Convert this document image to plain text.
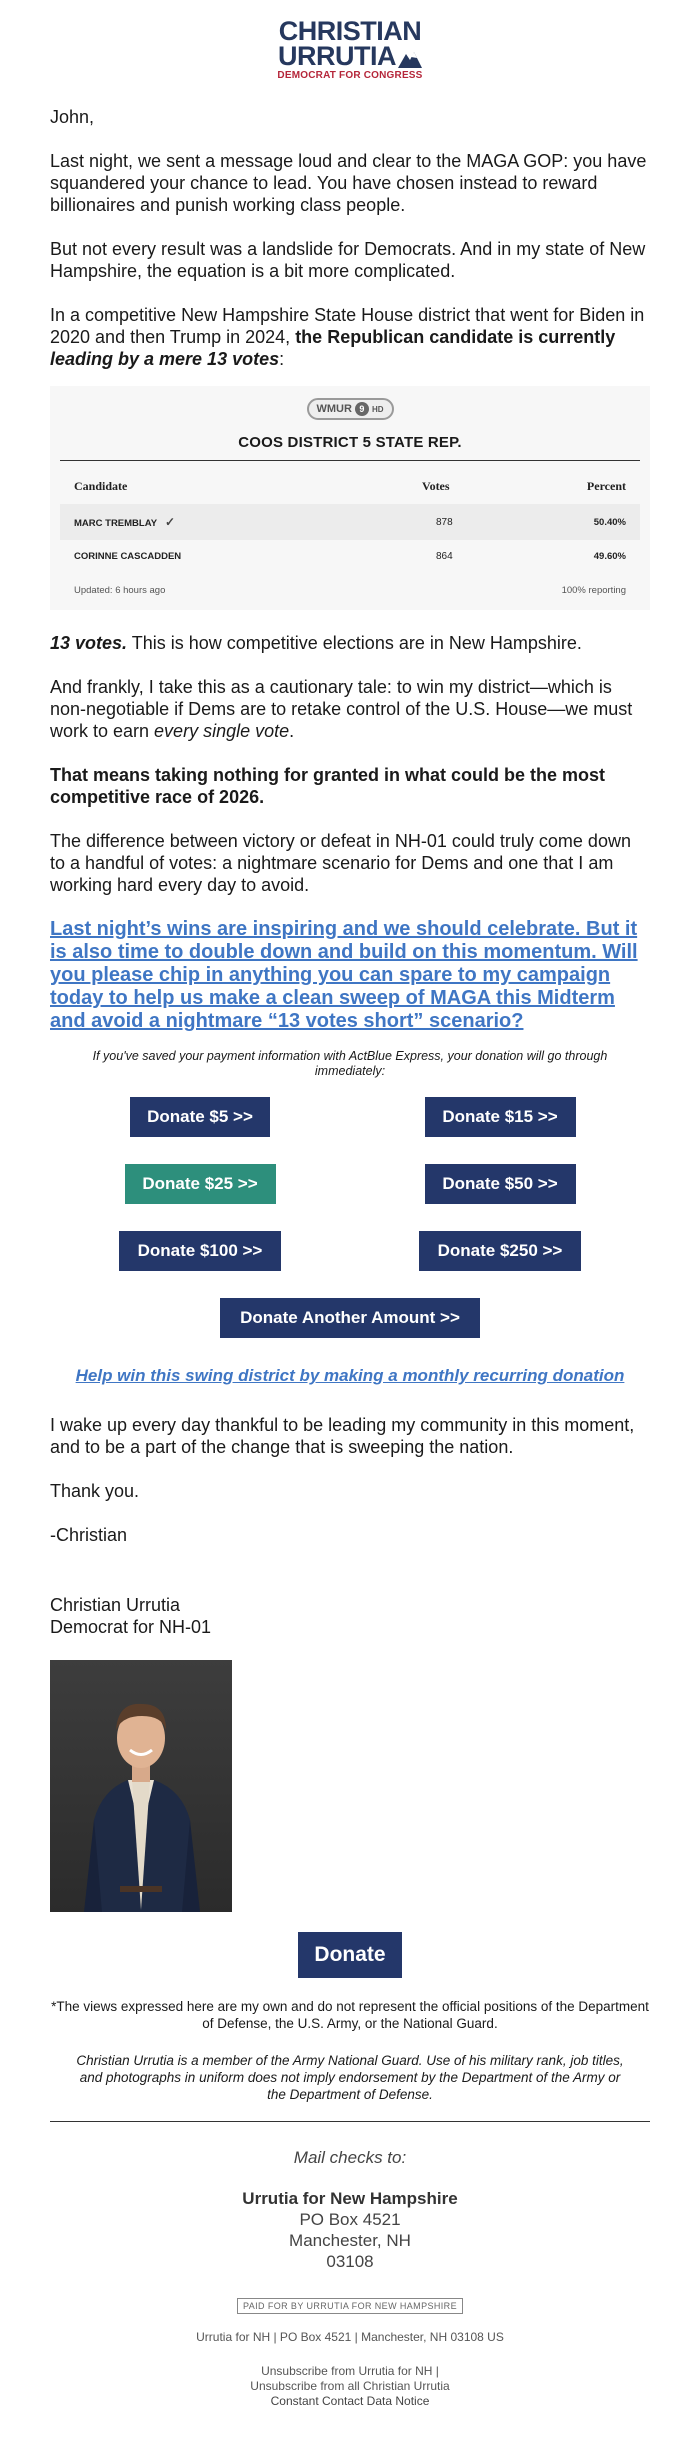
CHRISTIAN
URRUTIA
DEMOCRAT FOR CONGRESS

John,

Last night, we sent a message loud and clear to the MAGA GOP: you have squandered your chance to lead. You have chosen instead to reward billionaires and punish working class people.

But not every result was a landslide for Democrats. And in my state of New Hampshire, the equation is a bit more complicated.

In a competitive New Hampshire State House district that went for Biden in 2020 and then Trump in 2024, the Republican candidate is currently leading by a mere 13 votes:

WMUR 9 HD
COOS DISTRICT 5 STATE REP.
Candidate	Votes	Percent
MARC TREMBLAY ✓	878	50.40%
CORINNE CASCADDEN	864	49.60%
Updated: 6 hours ago	100% reporting

13 votes. This is how competitive elections are in New Hampshire.

And frankly, I take this as a cautionary tale: to win my district—which is non-negotiable if Dems are to retake control of the U.S. House—we must work to earn every single vote.

That means taking nothing for granted in what could be the most competitive race of 2026.

The difference between victory or defeat in NH-01 could truly come down to a handful of votes: a nightmare scenario for Dems and one that I am working hard every day to avoid.

Last night’s wins are inspiring and we should celebrate. But it is also time to double down and build on this momentum. Will you please chip in anything you can spare to my campaign today to help us make a clean sweep of MAGA this Midterm and avoid a nightmare “13 votes short” scenario?

If you've saved your payment information with ActBlue Express, your donation will go through immediately:

Donate $5 >>	Donate $15 >>
Donate $25 >>	Donate $50 >>
Donate $100 >>	Donate $250 >>
Donate Another Amount >>
Help win this swing district by making a monthly recurring donation

I wake up every day thankful to be leading my community in this moment, and to be a part of the change that is sweeping the nation.

Thank you.

-Christian

Christian Urrutia
Democrat for NH-01
Donate

*The views expressed here are my own and do not represent the official positions of the Department of Defense, the U.S. Army, or the National Guard.

Christian Urrutia is a member of the Army National Guard. Use of his military rank, job titles, and photographs in uniform does not imply endorsement by the Department of the Army or the Department of Defense.

Mail checks to:
Urrutia for New Hampshire
PO Box 4521
Manchester, NH
03108
PAID FOR BY URRUTIA FOR NEW HAMPSHIRE
Urrutia for NH | PO Box 4521 | Manchester, NH 03108 US
Unsubscribe from Urrutia for NH |
Unsubscribe from all Christian Urrutia
Constant Contact Data Notice
